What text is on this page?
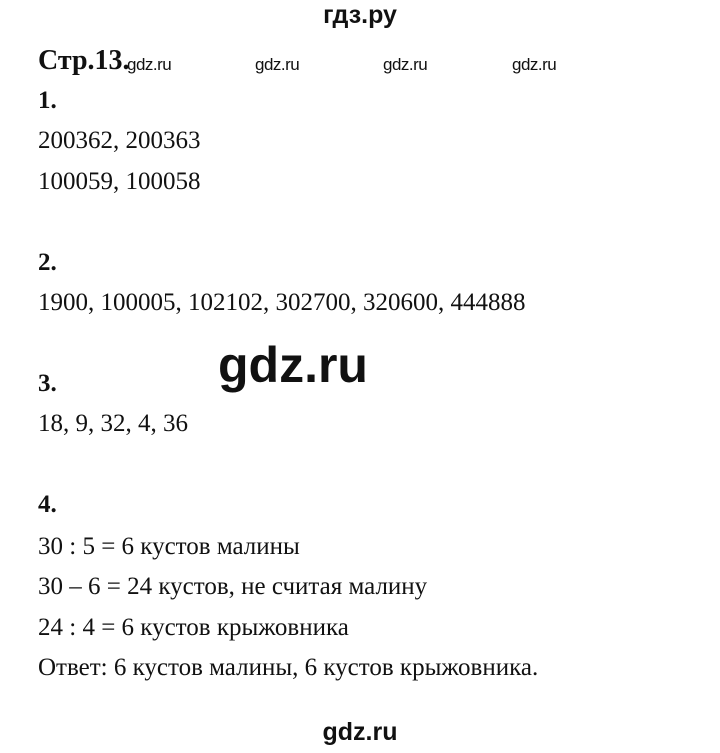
гдз.ру
Стр.13.
gdz.ru	gdz.ru	gdz.ru	gdz.ru
1.
200362, 200363
100059, 100058
2.
1900, 100005, 102102, 302700, 320600, 444888
gdz.ru
3.
18, 9, 32, 4, 36
4.
30 : 5 = 6 кустов малины
30 – 6 = 24 кустов, не считая малину
24 : 4 = 6 кустов крыжовника
Ответ: 6 кустов малины, 6 кустов крыжовника.
gdz.ru
